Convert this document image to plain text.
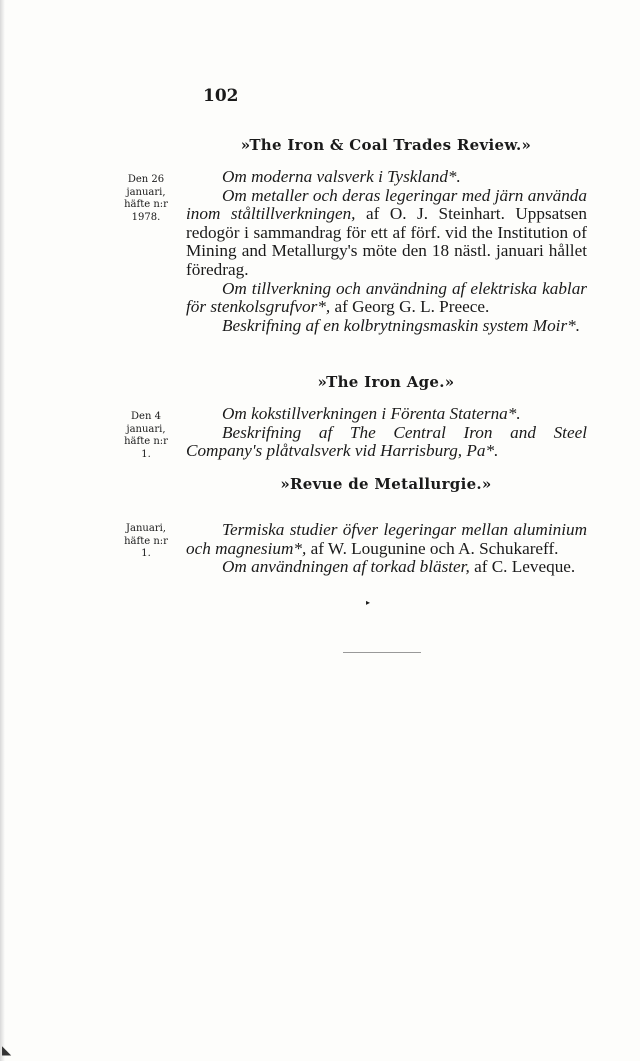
102
»The Iron & Coal Trades Review.»
Den 26
januari,
häfte n:r
1978.

Om moderna valsverk i Tyskland*.

Om metaller och deras legeringar med järn använda inom ståltillverkningen, af O. J. Steinhart. Uppsatsen redogör i sammandrag för ett af förf. vid the Institution of Mining and Metallurgy's möte den 18 nästl. januari hållet föredrag.

Om tillverkning och användning af elektriska kablar för stenkolsgrufvor*, af Georg G. L. Preece.

Beskrifning af en kolbrytningsmaskin system Moir*.

»The Iron Age.»
Den 4
januari,
häfte n:r
1.

Om kokstillverkningen i Förenta Staterna*.

Beskrifning af The Central Iron and Steel Company's plåtvalsverk vid Harrisburg, Pa*.

»Revue de Metallurgie.»
Januari,
häfte n:r
1.

Termiska studier öfver legeringar mellan aluminium och magnesium*, af W. Lougunine och A. Schukareff.

Om användningen af torkad bläster, af C. Leveque.

▸
◣
